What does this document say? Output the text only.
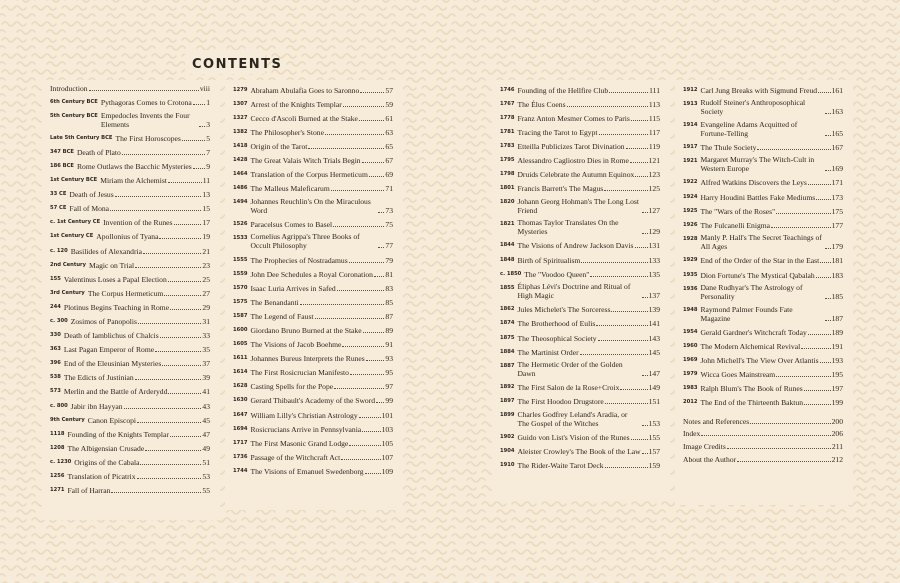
CONTENTS
Introduction	viii
6th Century BCE Pythagoras Comes to Crotona 1
5th Century BCE Empedocles Invents the Four Elements	3
Late 5th Century BCE The First Horoscopes	5
347 BCE Death of Plato	7
186 BCE Rome Outlaws the Bacchic Mysteries 9
1st Century BCE Miriam the Alchemist	11
33 CE Death of Jesus	13
57 CE Fall of Mona	15
c. 1st Century CE Invention of the Runes	17
1st Century CE Apollonius of Tyana	19
c. 120 Basilides of Alexandria	21
2nd Century Magic on Trial	23
155 Valentinus Loses a Papal Election	25
3rd Century The Corpus Hermeticum	27
244 Plotinus Begins Teaching in Rome	29
c. 300 Zosimos of Panopolis	31
330 Death of Iamblichus of Chalcis	33
363 Last Pagan Emperor of Rome	35
396 End of the Eleusinian Mysteries	37
538 The Edicts of Justinian	39
573 Merlin and the Battle of Arderydd	41
c. 800 Jabir ibn Hayyan	43
9th Century Canon Episcopi	45
1118 Founding of the Knights Templar	47
1208 The Albigensian Crusade	49
c. 1230 Origins of the Cabala	51
1256 Translation of Picatrix	53
1271 Fall of Harran	55
1279 Abraham Abulafia Goes to Saronno	57
1307 Arrest of the Knights Templar	59
1327 Cecco d'Ascoli Burned at the Stake	61
1382 The Philosopher's Stone	63
1418 Origin of the Tarot	65
1428 The Great Valais Witch Trials Begin	67
1464 Translation of the Corpus Hermeticum 69
1486 The Malleus Maleficarum	71
1494 Johannes Reuchlin's On the Miraculous Word	73
1526 Paracelsus Comes to Basel	75
1533 Cornelius Agrippa's Three Books of Occult Philosophy	77
1555 The Prophecies of Nostradamus	79
1559 John Dee Schedules a Royal Coronation 81
1570 Isaac Luria Arrives in Safed	83
1575 The Benandanti	85
1587 The Legend of Faust	87
1600 Giordano Bruno Burned at the Stake	89
1605 The Visions of Jacob Boehme	91
1611 Johannes Bureus Interprets the Runes	93
1614 The First Rosicrucian Manifesto	95
1628 Casting Spells for the Pope	97
1630 Gerard Thibault's Academy of the Sword 99
1647 William Lilly's Christian Astrology	101
1694 Rosicrucians Arrive in Pennsylvania	103
1717 The First Masonic Grand Lodge	105
1736 Passage of the Witchcraft Act	107
1744 The Visions of Emanuel Swedenborg 109
1746 Founding of the Hellfire Club	111
1767 The Élus Coens	113
1778 Franz Anton Mesmer Comes to Paris	115
1781 Tracing the Tarot to Egypt	117
1783 Etteilla Publicizes Tarot Divination	119
1795 Alessandro Cagliostro Dies in Rome	121
1798 Druids Celebrate the Autumn Equinox 123
1801 Francis Barrett's The Magus	125
1820 Johann Georg Hohman's The Long Lost Friend	127
1821 Thomas Taylor Translates On the Mysteries	129
1844 The Visions of Andrew Jackson Davis 131
1848 Birth of Spiritualism	133
c. 1850 The "Voodoo Queen"	135
1855 Éliphas Lévi's Doctrine and Ritual of High Magic	137
1862 Jules Michelet's The Sorceress	139
1874 The Brotherhood of Eulis	141
1875 The Theosophical Society	143
1884 The Martinist Order	145
1887 The Hermetic Order of the Golden Dawn	147
1892 The First Salon de la Rose+Croix	149
1897 The First Hoodoo Drugstore	151
1899 Charles Godfrey Leland's Aradia, or The Gospel of the Witches	153
1902 Guido von List's Vision of the Runes	155
1904 Aleister Crowley's The Book of the Law 157
1910 The Rider-Waite Tarot Deck	159
1912 Carl Jung Breaks with Sigmund Freud 161
1913 Rudolf Steiner's Anthroposophical Society	163
1914 Evangeline Adams Acquitted of Fortune-Telling	165
1917 The Thule Society	167
1921 Margaret Murray's The Witch-Cult in Western Europe	169
1922 Alfred Watkins Discovers the Leys	171
1924 Harry Houdini Battles Fake Mediums 173
1925 The "Wars of the Roses"	175
1926 The Fulcanelli Enigma	177
1928 Manly P. Hall's The Secret Teachings of All Ages	179
1929 End of the Order of the Star in the East 181
1935 Dion Fortune's The Mystical Qabalah 183
1936 Dane Rudhyar's The Astrology of Personality	185
1948 Raymond Palmer Founds Fate Magazine	187
1954 Gerald Gardner's Witchcraft Today	189
1960 The Modern Alchemical Revival	191
1969 John Michell's The View Over Atlantis 193
1979 Wicca Goes Mainstream	195
1983 Ralph Blum's The Book of Runes	197
2012 The End of the Thirteenth Baktun	199
Notes and References	200
Index	206
Image Credits	211
About the Author	212
